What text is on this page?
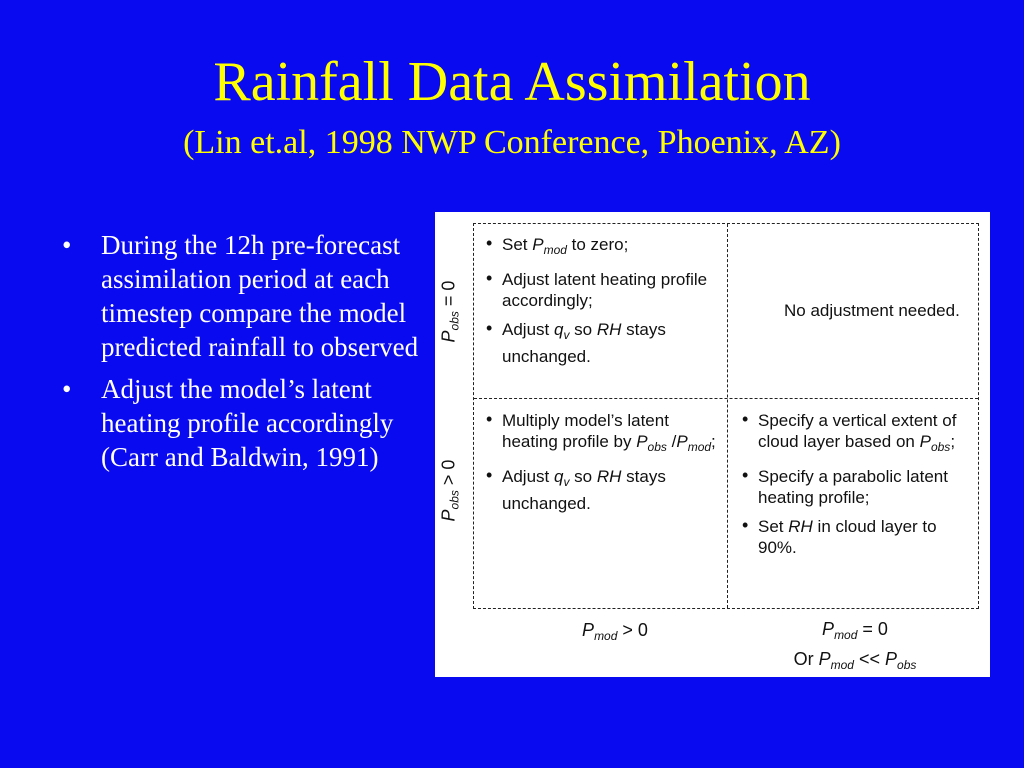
Rainfall Data Assimilation
(Lin et.al, 1998 NWP Conference, Phoenix, AZ)
• During the 12h pre-forecast assimilation period at each timestep compare the model predicted rainfall to observed
• Adjust the model’s latent heating profile accordingly (Carr and Baldwin, 1991)
$P_{obs} = 0$
$P_{obs} > 0$
• Set $P_{mod}$ to zero;
• Adjust latent heating profile accordingly;
• Adjust $q_v$ so RH stays unchanged.
No adjustment needed.
• Multiply model’s latent heating profile by $P_{obs}$ $/P_{mod}$;
• Adjust $q_v$ so RH stays unchanged.
• Specify a vertical extent of cloud layer based on $P_{obs}$;
• Specify a parabolic latent heating profile;
• Set RH in cloud layer to 90%.
$P_{mod} > 0$	$P_{mod} = 0$
Or $P_{mod} << P_{obs}$
